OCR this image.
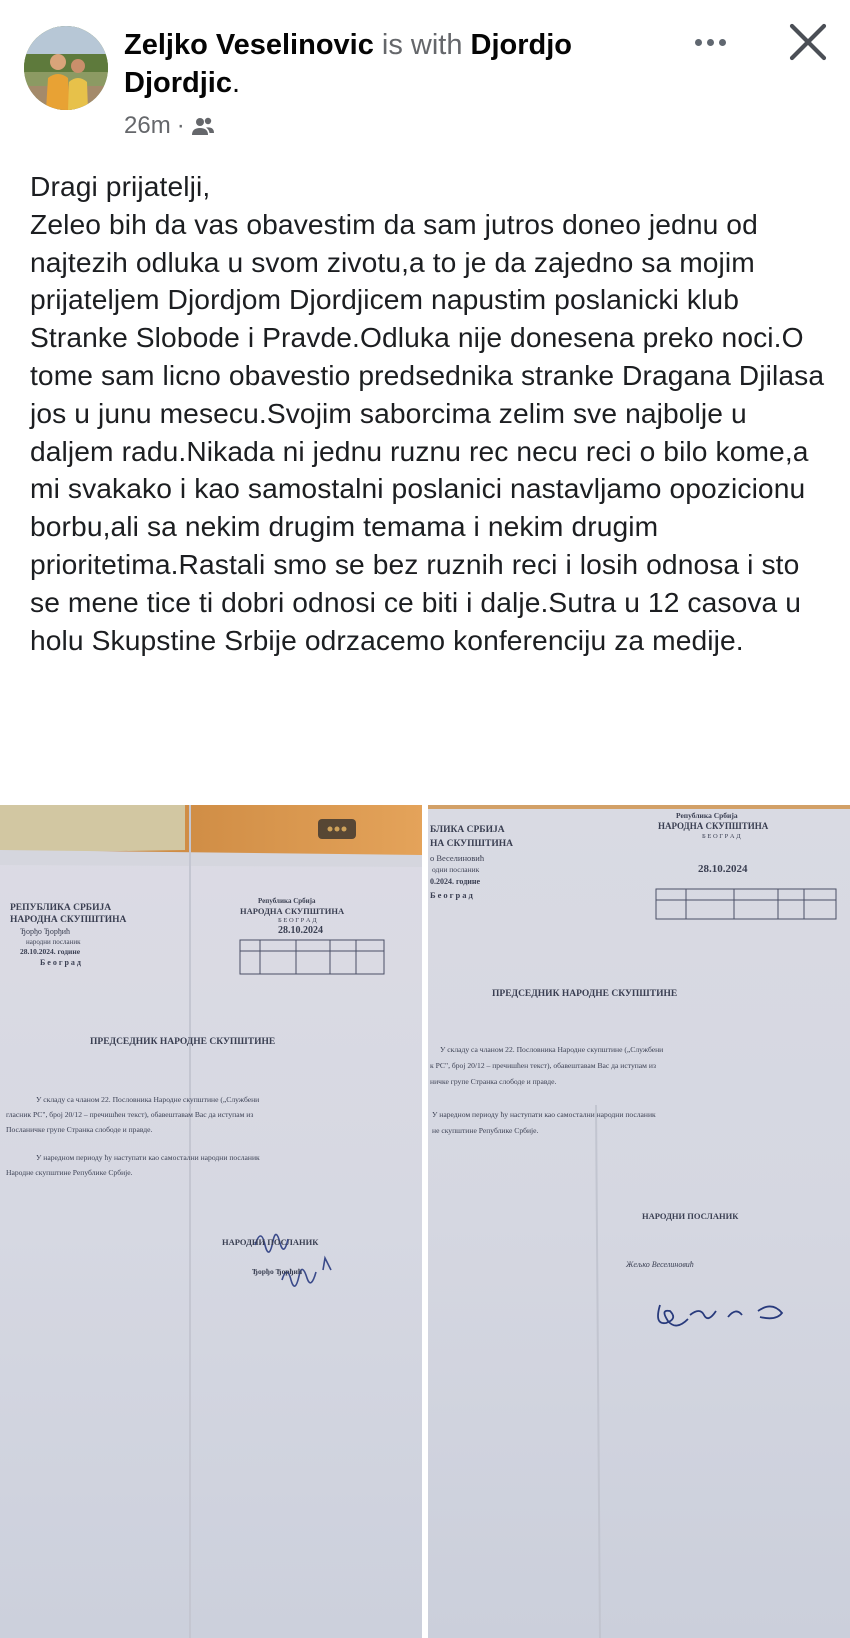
Zeljko Veselinovic is with Djordjo Djordjic.
26m ·
Dragi prijatelji,
Zeleo bih da vas obavestim da sam jutros doneo jednu od najtezih odluka u svom zivotu,a to je da zajedno sa mojim prijateljem Djordjom Djordjicem napustim poslanicki klub Stranke Slobode i Pravde.Odluka nije donesena preko noci.O tome sam licno obavestio predsednika stranke Dragana Djilasa jos u junu mesecu.Svojim saborcima zelim sve najbolje u daljem radu.Nikada ni jednu ruznu rec necu reci o bilo kome,a mi svakako i kao samostalni poslanici nastavljamo opozicionu borbu,ali sa nekim drugim temama i nekim drugim prioritetima.Rastali smo se bez ruznih reci i losih odnosa i sto se mene tice ti dobri odnosi ce biti i dalje.Sutra u 12 casova u holu Skupstine Srbije odrzacemo konferenciju za medije.
РЕПУБЛИКА СРБИЈА
НАРОДНА СКУПШТИНА
Ђорђо Ђорђић
народни посланик
28.10.2024. године
Београд
Република Србија
НАРОДНА СКУПШТИНА
Б Е О Г Р А Д
28.10.2024
ПРЕДСЕДНИК НАРОДНЕ СКУПШТИНЕ
У складу са чланом 22. Пословника Народне скупштине („Службени
гласник РС", број 20/12 – пречишћен текст), обавештавам Вас да иступам из
Посланичке групе Странка слободе и правде.
У наредном периоду ћу наступати као самостални народни посланик
Народне скупштине Републике Србије.
НАРОДНИ ПОСЛАНИК
Ђорђо Ђорђић
БЛИКА СРБИЈА
НА СКУПШТИНА
о Веселиновић
одни посланик
0.2024. године
Београд
Република Србија
НАРОДНА СКУПШТИНА
Б Е О Г Р А Д
28.10.2024
ПРЕДСЕДНИК НАРОДНЕ СКУПШТИНЕ
У складу са чланом 22. Пословника Народне скупштине („Службени
к РС", број 20/12 – пречишћен текст), обавештавам Вас да иступам из
ничке групе Странка слободе и правде.
У наредном периоду ћу наступати као самостални народни посланик
не скупштине Републике Србије.
НАРОДНИ ПОСЛАНИК
Жељко Веселиновић
